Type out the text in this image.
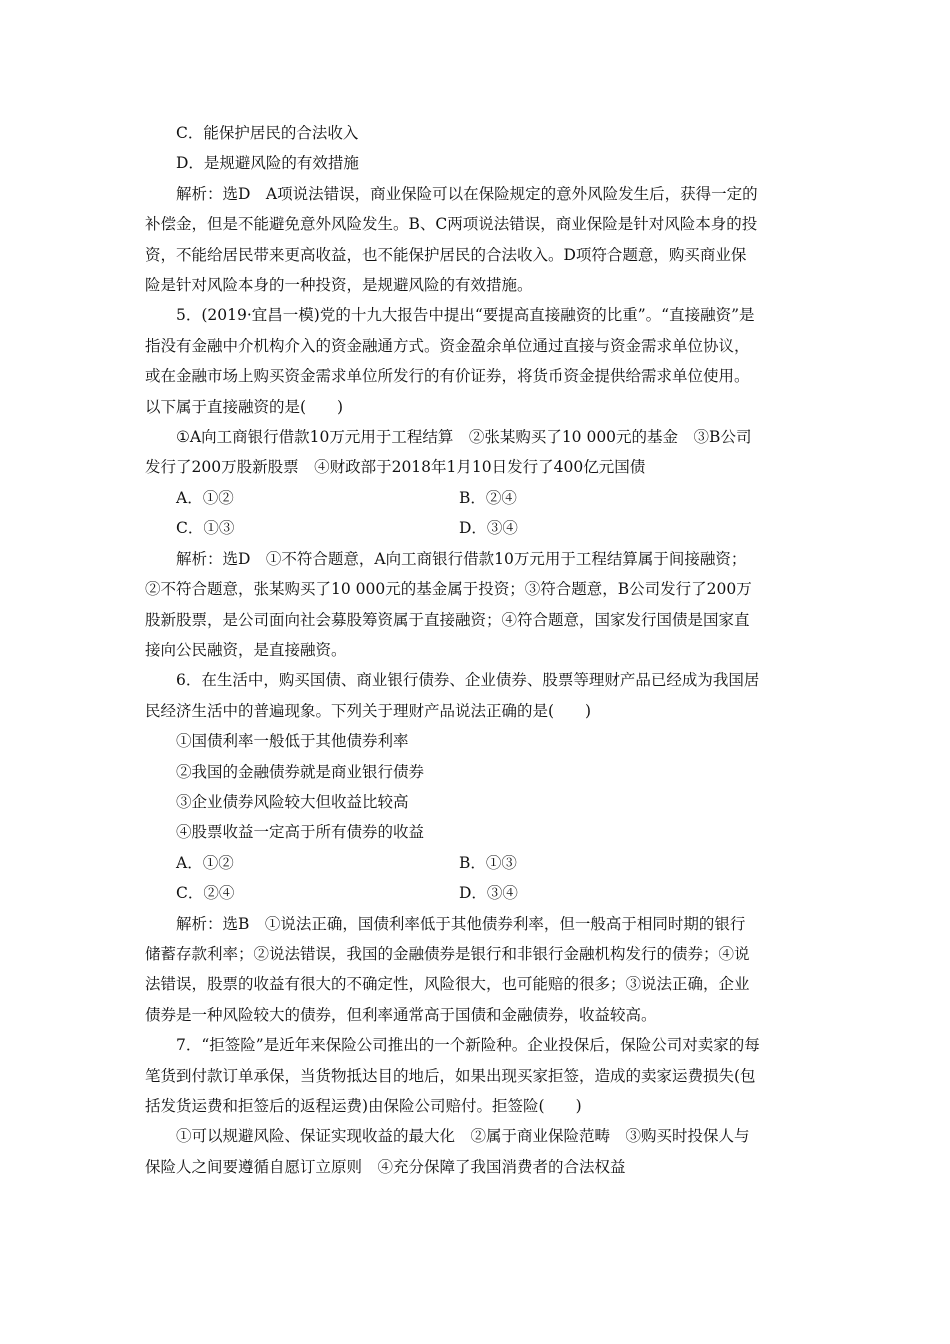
C．能保护居民的合法收入
D．是规避风险的有效措施
解析：选D　A项说法错误，商业保险可以在保险规定的意外风险发生后，获得一定的
补偿金，但是不能避免意外风险发生。B、C两项说法错误，商业保险是针对风险本身的投
资，不能给居民带来更高收益，也不能保护居民的合法收入。D项符合题意，购买商业保
险是针对风险本身的一种投资，是规避风险的有效措施。
5．(2019·宜昌一模)党的十九大报告中提出“要提高直接融资的比重”。“直接融资”是
指没有金融中介机构介入的资金融通方式。资金盈余单位通过直接与资金需求单位协议，
或在金融市场上购买资金需求单位所发行的有价证券，将货币资金提供给需求单位使用。
以下属于直接融资的是(　　)
①A向工商银行借款10万元用于工程结算　②张某购买了10 000元的基金　③B公司
发行了200万股新股票　④财政部于2018年1月10日发行了400亿元国债
A．①②	B．②④
C．①③	D．③④
解析：选D　①不符合题意，A向工商银行借款10万元用于工程结算属于间接融资；
②不符合题意，张某购买了10 000元的基金属于投资；③符合题意，B公司发行了200万
股新股票，是公司面向社会募股筹资属于直接融资；④符合题意，国家发行国债是国家直
接向公民融资，是直接融资。
6．在生活中，购买国债、商业银行债券、企业债券、股票等理财产品已经成为我国居
民经济生活中的普遍现象。下列关于理财产品说法正确的是(　　)
①国债利率一般低于其他债券利率
②我国的金融债券就是商业银行债券
③企业债券风险较大但收益比较高
④股票收益一定高于所有债券的收益
A．①②	B．①③
C．②④	D．③④
解析：选B　①说法正确，国债利率低于其他债券利率，但一般高于相同时期的银行
储蓄存款利率；②说法错误，我国的金融债券是银行和非银行金融机构发行的债券；④说
法错误，股票的收益有很大的不确定性，风险很大，也可能赔的很多；③说法正确，企业
债券是一种风险较大的债券，但利率通常高于国债和金融债券，收益较高。
7．“拒签险”是近年来保险公司推出的一个新险种。企业投保后，保险公司对卖家的每
笔货到付款订单承保，当货物抵达目的地后，如果出现买家拒签，造成的卖家运费损失(包
括发货运费和拒签后的返程运费)由保险公司赔付。拒签险(　　)
①可以规避风险、保证实现收益的最大化　②属于商业保险范畴　③购买时投保人与
保险人之间要遵循自愿订立原则　④充分保障了我国消费者的合法权益
